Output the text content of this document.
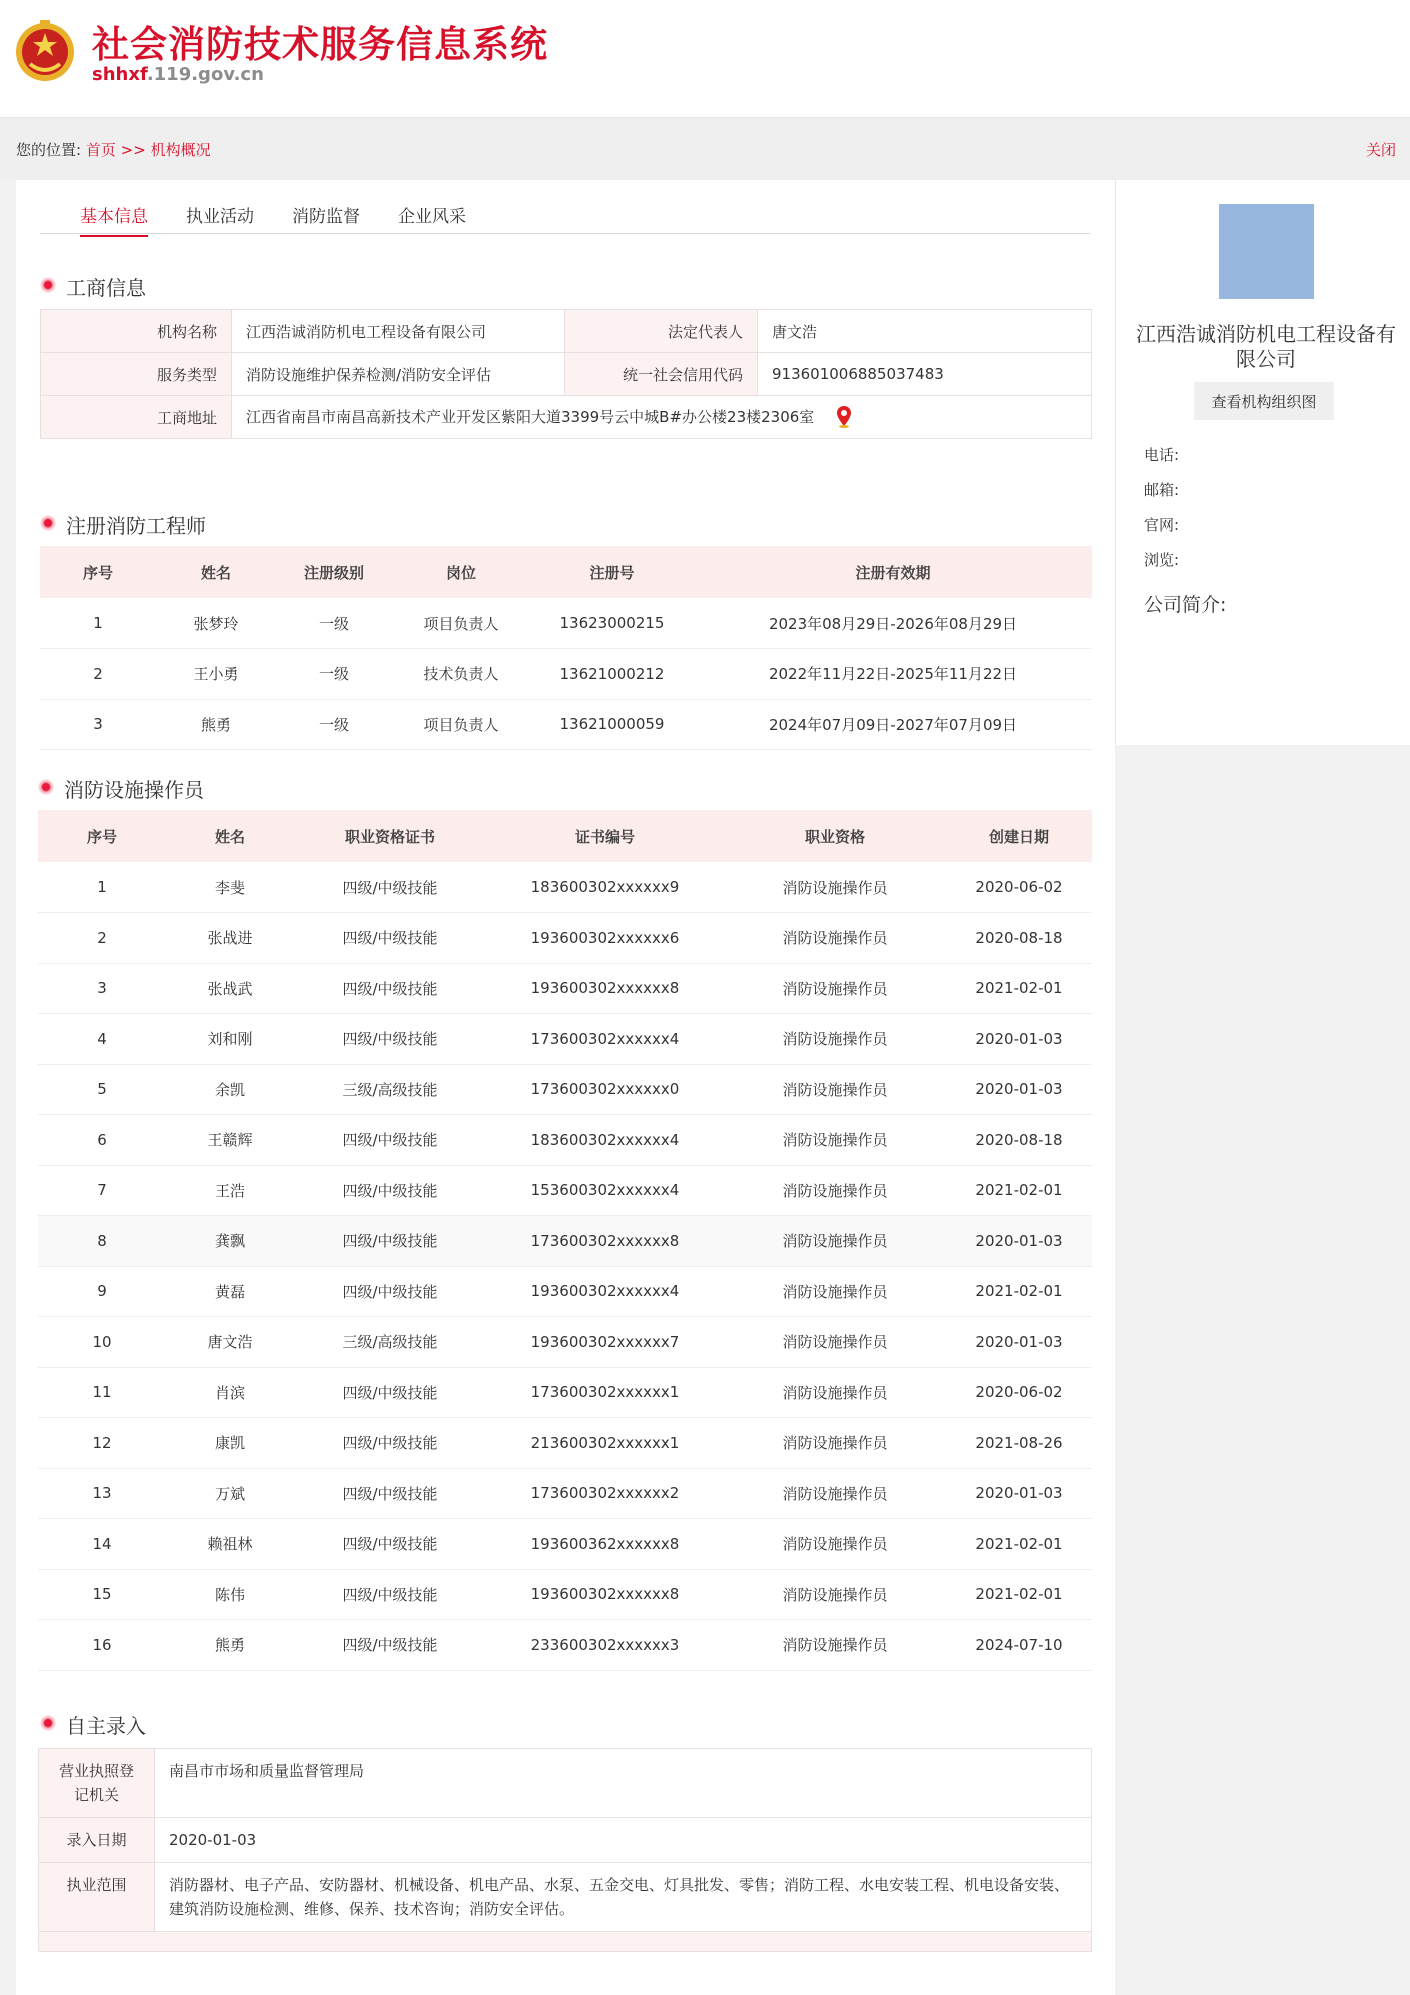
社会消防技术服务信息系统
shhxf.119.gov.cn
您的位置: 首页 >> 机构概况	关闭
基本信息 执业活动 消防监督 企业风采
工商信息
机构名称	江西浩诚消防机电工程设备有限公司	法定代表人	唐文浩
服务类型	消防设施维护保养检测/消防安全评估	统一社会信用代码	913601006885037483
工商地址	江西省南昌市南昌高新技术产业开发区紫阳大道3399号云中城B#办公楼23楼2306室		
注册消防工程师
序号	姓名	注册级别	岗位	注册号	注册有效期
1	张梦玲	一级	项目负责人	13623000215	2023年08月29日-2026年08月29日
2	王小勇	一级	技术负责人	13621000212	2022年11月22日-2025年11月22日
3	熊勇	一级	项目负责人	13621000059	2024年07月09日-2027年07月09日
消防设施操作员
序号	姓名	职业资格证书	证书编号	职业资格	创建日期
1	李斐	四级/中级技能	183600302xxxxxx9	消防设施操作员	2020-06-02
2	张战进	四级/中级技能	193600302xxxxxx6	消防设施操作员	2020-08-18
3	张战武	四级/中级技能	193600302xxxxxx8	消防设施操作员	2021-02-01
4	刘和刚	四级/中级技能	173600302xxxxxx4	消防设施操作员	2020-01-03
5	余凯	三级/高级技能	173600302xxxxxx0	消防设施操作员	2020-01-03
6	王赣辉	四级/中级技能	183600302xxxxxx4	消防设施操作员	2020-08-18
7	王浩	四级/中级技能	153600302xxxxxx4	消防设施操作员	2021-02-01
8	龚飘	四级/中级技能	173600302xxxxxx8	消防设施操作员	2020-01-03
9	黄磊	四级/中级技能	193600302xxxxxx4	消防设施操作员	2021-02-01
10	唐文浩	三级/高级技能	193600302xxxxxx7	消防设施操作员	2020-01-03
11	肖滨	四级/中级技能	173600302xxxxxx1	消防设施操作员	2020-06-02
12	康凯	四级/中级技能	213600302xxxxxx1	消防设施操作员	2021-08-26
13	万斌	四级/中级技能	173600302xxxxxx2	消防设施操作员	2020-01-03
14	赖祖林	四级/中级技能	193600362xxxxxx8	消防设施操作员	2021-02-01
15	陈伟	四级/中级技能	193600302xxxxxx8	消防设施操作员	2021-02-01
16	熊勇	四级/中级技能	233600302xxxxxx3	消防设施操作员	2024-07-10
自主录入
营业执照登
记机关	南昌市市场和质量监督管理局
录入日期	2020-01-03
执业范围	消防器材、电子产品、安防器材、机械设备、机电产品、水泵、五金交电、灯具批发、零售；消防工程、水电安装工程、机电设备安装、建筑消防设施检测、维修、保养、技术咨询；消防安全评估。

江西浩诚消防机电工程设备有限公司
查看机构组织图
电话:
邮箱:
官网:
浏览:
公司简介:
